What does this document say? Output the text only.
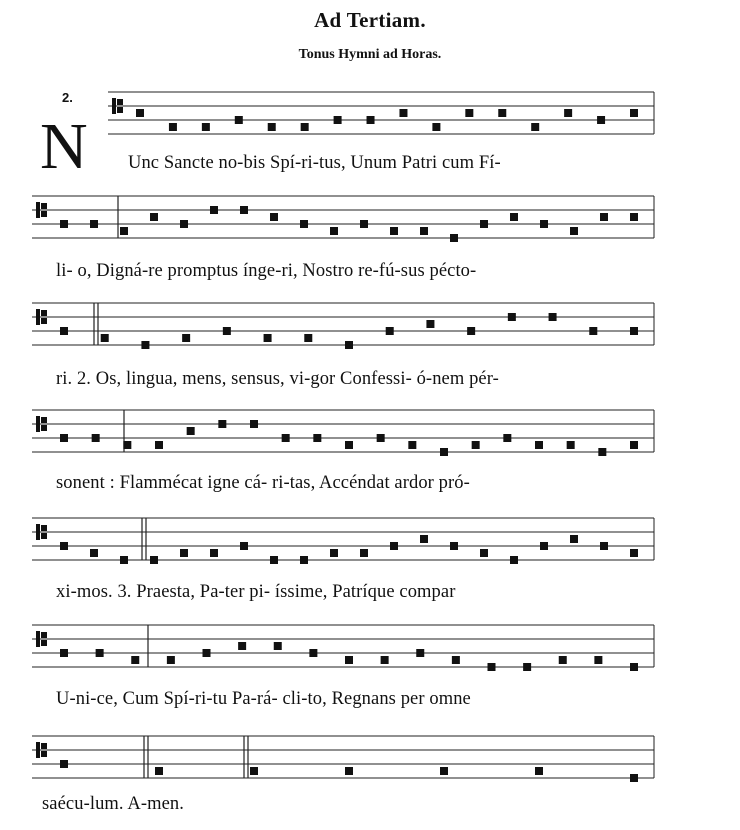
Ad Tertiam.
Tonus Hymni ad Horas.
2.
N Unc Sancte no-bis Spí-ri-tus, Unum Patri cum Fí-
li- o, Digná-re promptus ínge-ri, Nostro re-fú-sus pécto-
ri. 2. Os, lingua, mens, sensus, vi-gor Confessi- ó-nem pér-
sonent : Flammécat igne cá- ri-tas, Accéndat ardor pró-
xi-mos. 3. Praesta, Pa-ter pi- íssime, Patríque compar
U-ni-ce, Cum Spí-ri-tu Pa-rá- cli-to, Regnans per omne
saécu-lum. A-men.
